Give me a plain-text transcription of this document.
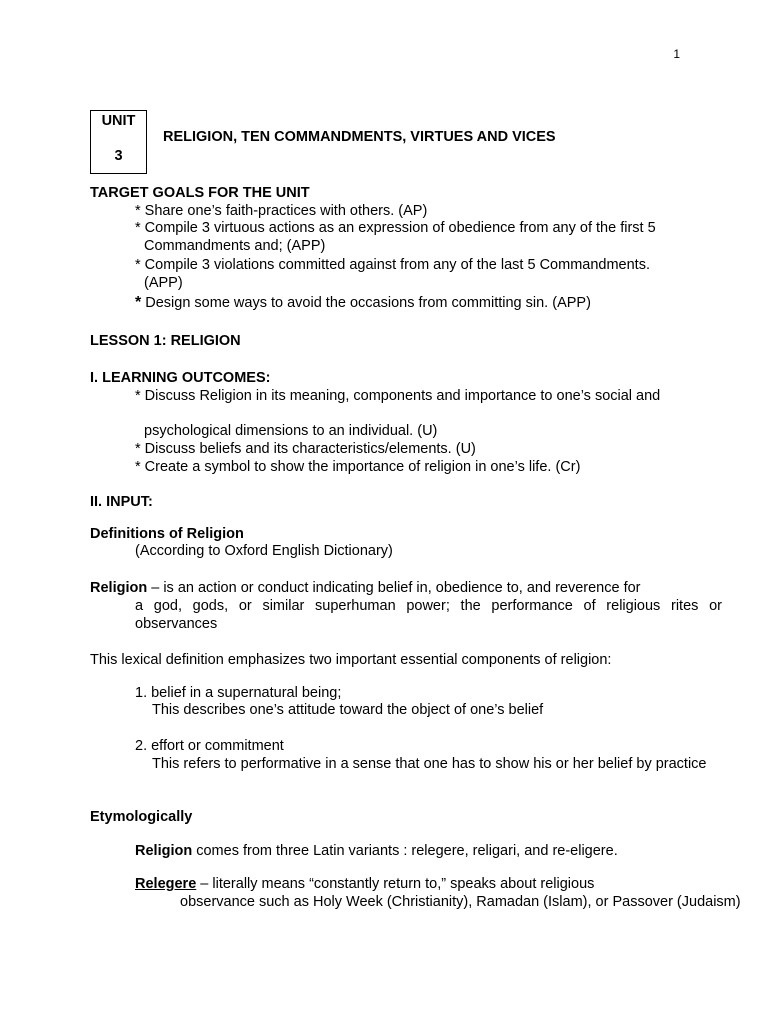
1
UNIT
3
RELIGION, TEN COMMANDMENTS, VIRTUES AND VICES
TARGET GOALS FOR THE UNIT
* Share one’s faith-practices with others. (AP)
* Compile 3 virtuous actions as an expression of obedience from any of the first 5
Commandments and; (APP)
* Compile 3 violations committed against from any of the last 5 Commandments.
(APP)
* Design some ways to avoid the occasions from committing sin. (APP)
LESSON 1: RELIGION
I. LEARNING OUTCOMES:
* Discuss Religion in its meaning, components and importance to one’s social and
psychological dimensions to an individual. (U)
* Discuss beliefs and its characteristics/elements. (U)
* Create a symbol to show the importance of religion in one’s life. (Cr)
II. INPUT:
Definitions of Religion
(According to Oxford English Dictionary)
Religion – is an action or conduct indicating belief in, obedience to, and reverence for
a god, gods, or similar superhuman power; the performance of religious rites or observances
This lexical definition emphasizes two important essential components of religion:
1. belief in a supernatural being;
This describes one’s attitude toward the object of one’s belief
2. effort or commitment
This refers to performative in a sense that one has to show his or her belief by practice
Etymologically
Religion comes from three Latin variants : relegere, religari, and re-eligere.
Relegere – literally means “constantly return to,” speaks about religious
observance such as Holy Week (Christianity), Ramadan (Islam), or Passover (Judaism)
